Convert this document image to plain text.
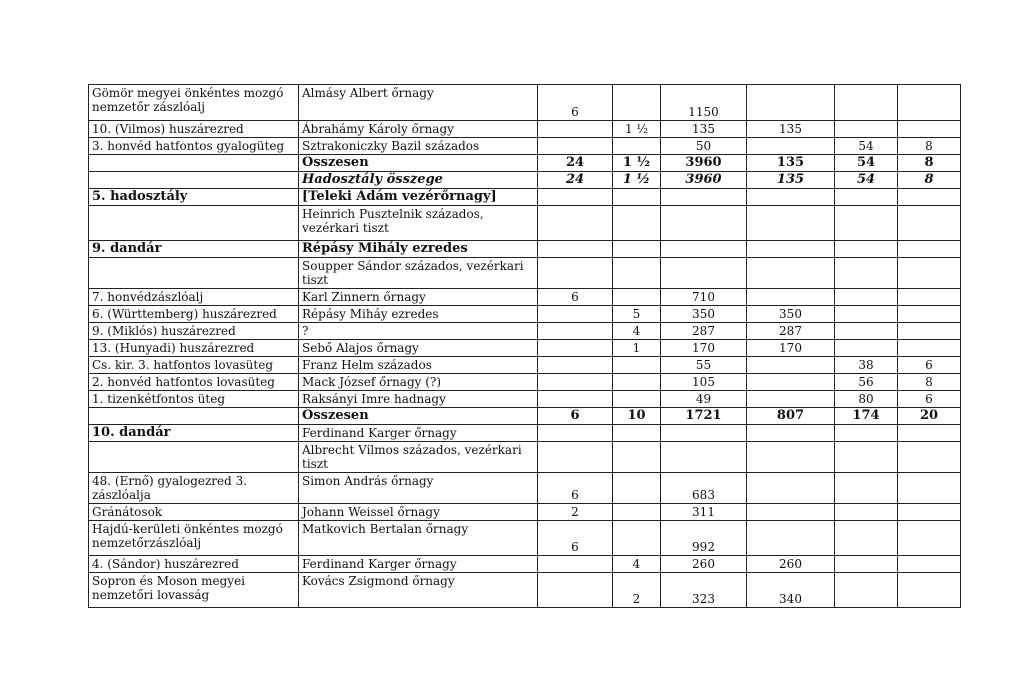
Gömör megyei önkéntes mozgó nemzetőr zászlóalj	Almásy Albert őrnagy	6		1150			
10. (Vilmos) huszárezred	Ábrahámy Károly őrnagy		1 ½	135	135		
3. honvéd hatfontos gyalogüteg	Sztrakoniczky Bazil százados			50		54	8
	Összesen	24	1 ½	3960	135	54	8
	Hadosztály összege	24	1 ½	3960	135	54	8
5. hadosztály	[Teleki Ádám vezérőrnagy]						
	Heinrich Pusztelnik százados, vezérkari tiszt						
9. dandár	Répásy Mihály ezredes						
	Soupper Sándor százados, vezérkari tiszt						
7. honvédzászlóalj	Karl Zinnern őrnagy	6		710			
6. (Württemberg) huszárezred	Répásy Miháy ezredes		5	350	350		
9. (Miklós) huszárezred	?		4	287	287		
13. (Hunyadi) huszárezred	Sebő Alajos őrnagy		1	170	170		
Cs. kir. 3. hatfontos lovasüteg	Franz Helm százados			55		38	6
2. honvéd hatfontos lovasüteg	Mack József őrnagy (?)			105		56	8
1. tizenkétfontos üteg	Raksányi Imre hadnagy			49		80	6
	Összesen	6	10	1721	807	174	20
10. dandár	Ferdinand Karger őrnagy						
	Albrecht Vilmos százados, vezérkari tiszt						
48. (Ernő) gyalogezred 3. zászlóalja	Simon András őrnagy	6		683			
Gránátosok	Johann Weissel őrnagy	2		311			
Hajdú-kerületi önkéntes mozgó nemzetőrzászlóalj	Matkovich Bertalan őrnagy	6		992			
4. (Sándor) huszárezred	Ferdinand Karger őrnagy		4	260	260		
Sopron és Moson megyei nemzetőri lovasság	Kovács Zsigmond őrnagy		2	323	340		
